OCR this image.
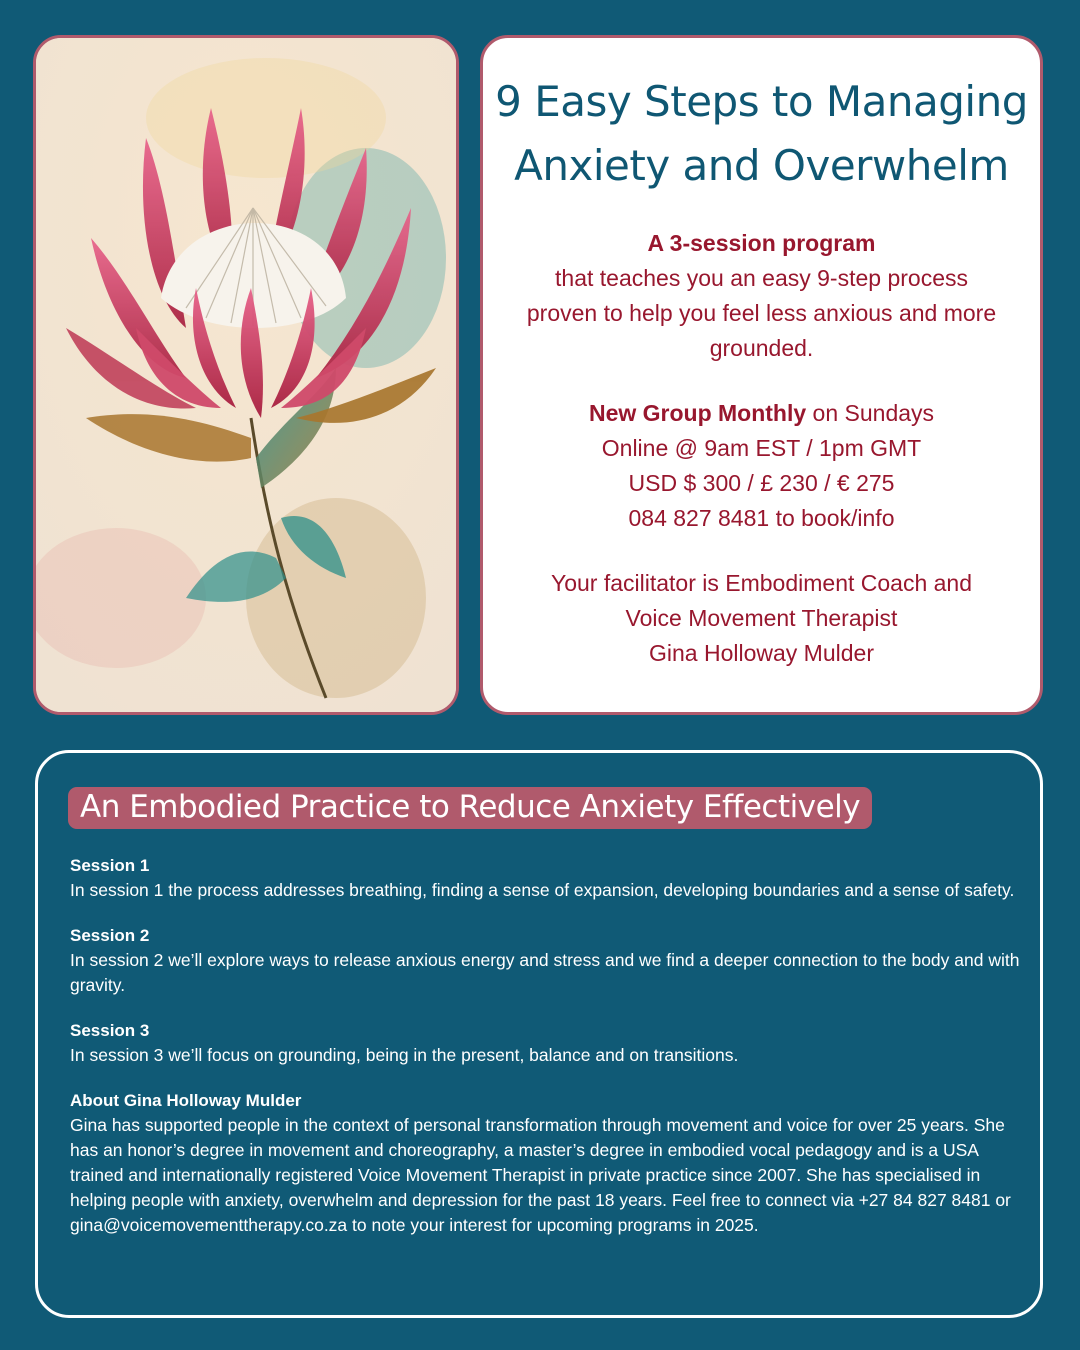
9 Easy Steps to Managing
Anxiety and Overwhelm
A 3-session program
that teaches you an easy 9-step process
proven to help you feel less anxious and more
grounded.
New Group Monthly on Sundays
Online @ 9am EST / 1pm GMT
USD $ 300 / £ 230 / € 275
084 827 8481 to book/info
Your facilitator is Embodiment Coach and
Voice Movement Therapist
Gina Holloway Mulder
An Embodied Practice to Reduce Anxiety Effectively
Session 1

In session 1 the process addresses breathing, finding a sense of expansion, developing boundaries and a sense of safety.

Session 2

In session 2 we’ll explore ways to release anxious energy and stress and we find a deeper connection to the body and with gravity.

Session 3

In session 3 we’ll focus on grounding, being in the present, balance and on transitions.

About Gina Holloway Mulder

Gina has supported people in the context of personal transformation through movement and voice for over 25 years. She has an honor’s degree in movement and choreography, a master’s degree in embodied vocal pedagogy and is a USA trained and internationally registered Voice Movement Therapist in private practice since 2007. She has specialised in helping people with anxiety, overwhelm and depression for the past 18 years. Feel free to connect via +27 84 827 8481 or gina@voicemovementtherapy.co.za to note your interest for upcoming programs in 2025.
